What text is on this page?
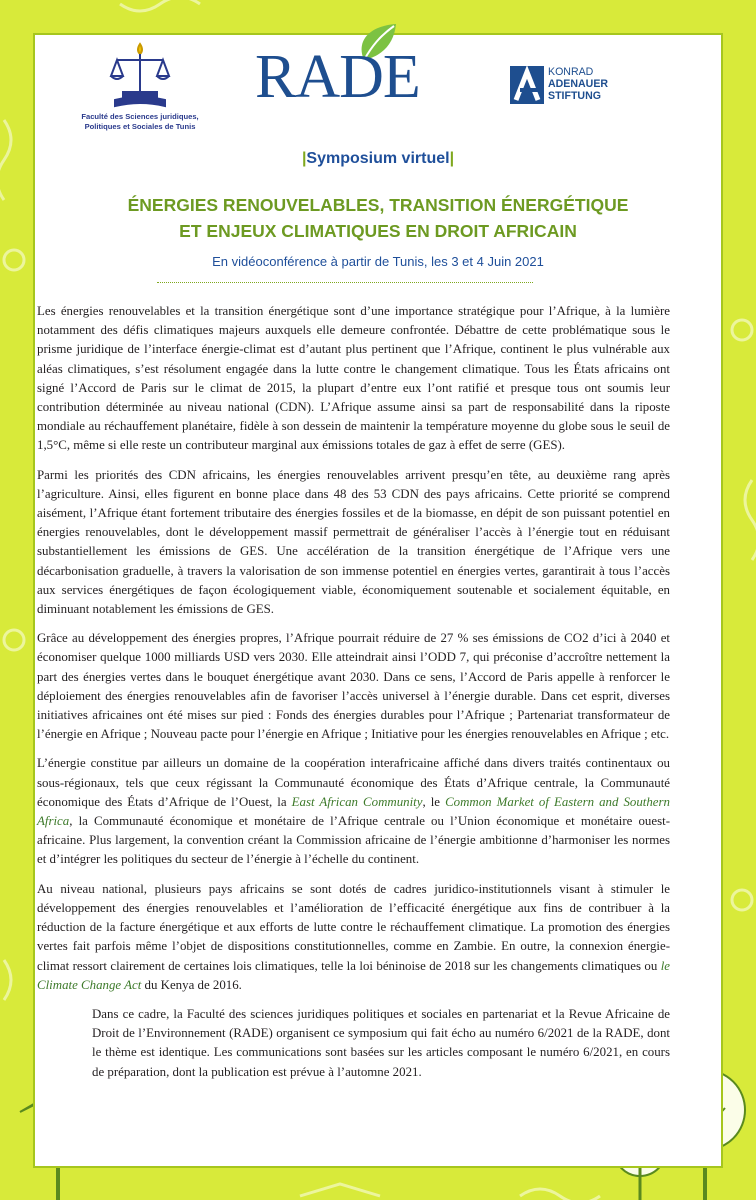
Faculté des Sciences juridiques,
Politiques et Sociales de Tunis
RADE	KONRAD
ADENAUER
STIFTUNG
|Symposium virtuel|
ÉNERGIES RENOUVELABLES, TRANSITION ÉNERGÉTIQUE
ET ENJEUX CLIMATIQUES EN DROIT AFRICAIN
En vidéoconférence à partir de Tunis, les 3 et 4 Juin 2021

Les énergies renouvelables et la transition énergétique sont d’une importance stratégique pour l’Afrique, à la lumière notamment des défis climatiques majeurs auxquels elle demeure confrontée. Débattre de cette problématique sous le prisme juridique de l’interface énergie-climat est d’autant plus pertinent que l’Afrique, continent le plus vulnérable aux aléas climatiques, s’est résolument engagée dans la lutte contre le changement climatique. Tous les États africains ont signé l’Accord de Paris sur le climat de 2015, la plupart d’entre eux l’ont ratifié et presque tous ont soumis leur contribution déterminée au niveau national (CDN). L’Afrique assume ainsi sa part de responsabilité dans la riposte mondiale au réchauffement planétaire, fidèle à son dessein de maintenir la température moyenne du globe sous le seuil de 1,5°C, même si elle reste un contributeur marginal aux émissions totales de gaz à effet de serre (GES).

Parmi les priorités des CDN africains, les énergies renouvelables arrivent presqu’en tête, au deuxième rang après l’agriculture. Ainsi, elles figurent en bonne place dans 48 des 53 CDN des pays africains. Cette priorité se comprend aisément, l’Afrique étant fortement tributaire des énergies fossiles et de la biomasse, en dépit de son puissant potentiel en énergies renouvelables, dont le développement massif permettrait de généraliser l’accès à l’énergie tout en réduisant substantiellement les émissions de GES. Une accélération de la transition énergétique de l’Afrique vers une décarbonisation graduelle, à travers la valorisation de son immense potentiel en énergies vertes, garantirait à tous l’accès aux services énergétiques de façon écologiquement viable, économiquement soutenable et socialement équitable, en diminuant notablement les émissions de GES.

Grâce au développement des énergies propres, l’Afrique pourrait réduire de 27 % ses émissions de CO2 d’ici à 2040 et économiser quelque 1000 milliards USD vers 2030. Elle atteindrait ainsi l’ODD 7, qui préconise d’accroître nettement la part des énergies vertes dans le bouquet énergétique avant 2030. Dans ce sens, l’Accord de Paris appelle à renforcer le déploiement des énergies renouvelables afin de favoriser l’accès universel à l’énergie durable. Dans cet esprit, diverses initiatives africaines ont été mises sur pied : Fonds des énergies durables pour l’Afrique ; Partenariat transformateur de l’énergie en Afrique ; Nouveau pacte pour l’énergie en Afrique ; Initiative pour les énergies renouvelables en Afrique ; etc.

L’énergie constitue par ailleurs un domaine de la coopération interafricaine affiché dans divers traités continentaux ou sous-régionaux, tels que ceux régissant la Communauté économique des États d’Afrique centrale, la Communauté économique des États d’Afrique de l’Ouest, la East African Community, le Common Market of Eastern and Southern Africa, la Communauté économique et monétaire de l’Afrique centrale ou l’Union économique et monétaire ouest-africaine. Plus largement, la convention créant la Commission africaine de l’énergie ambitionne d’harmoniser les normes et d’intégrer les politiques du secteur de l’énergie à l’échelle du continent.

Au niveau national, plusieurs pays africains se sont dotés de cadres juridico-institutionnels visant à stimuler le développement des énergies renouvelables et l’amélioration de l’efficacité énergétique aux fins de contribuer à la réduction de la facture énergétique et aux efforts de lutte contre le réchauffement climatique. La promotion des énergies vertes fait parfois même l’objet de dispositions constitutionnelles, comme en Zambie. En outre, la connexion énergie-climat ressort clairement de certaines lois climatiques, telle la loi béninoise de 2018 sur les changements climatiques ou le Climate Change Act du Kenya de 2016.

Dans ce cadre, la Faculté des sciences juridiques politiques et sociales en partenariat et la Revue Africaine de Droit de l’Environnement (RADE) organisent ce symposium qui fait écho au numéro 6/2021 de la RADE, dont le thème est identique. Les communications sont basées sur les articles composant le numéro 6/2021, en cours de préparation, dont la publication est prévue à l’automne 2021.
